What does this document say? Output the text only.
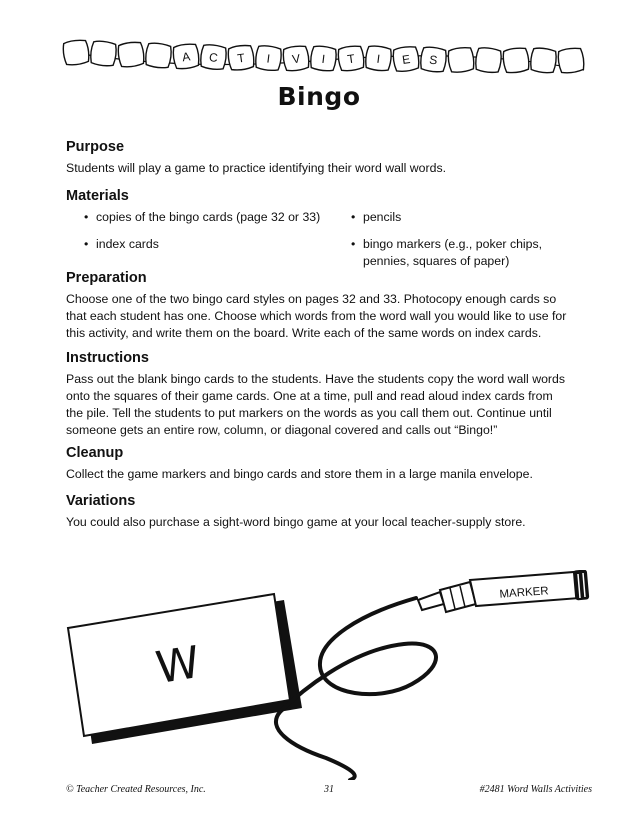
A C T I V I T I E S
Bingo
Purpose

Students will play a game to practice identifying their word wall words.

Materials
• copies of the bingo cards (page 32 or 33)	• pencils
• index cards	• bingo markers (e.g., poker chips,
pennies, squares of paper)
Preparation

Choose one of the two bingo card styles on pages 32 and 33. Photocopy enough cards so
that each student has one. Choose which words from the word wall you would like to use for
this activity, and write them on the board. Write each of the same words on index cards.

Instructions

Pass out the blank bingo cards to the students. Have the students copy the word wall words
onto the squares of their game cards. One at a time, pull and read aloud index cards from
the pile. Tell the students to put markers on the words as you call them out. Continue until
someone gets an entire row, column, or diagonal covered and calls out “Bingo!”

Cleanup

Collect the game markers and bingo cards and store them in a large manila envelope.

Variations

You could also purchase a sight-word bingo game at your local teacher-supply store.

W
MARKER
© Teacher Created Resources, Inc.	31	#2481 Word Walls Activities
